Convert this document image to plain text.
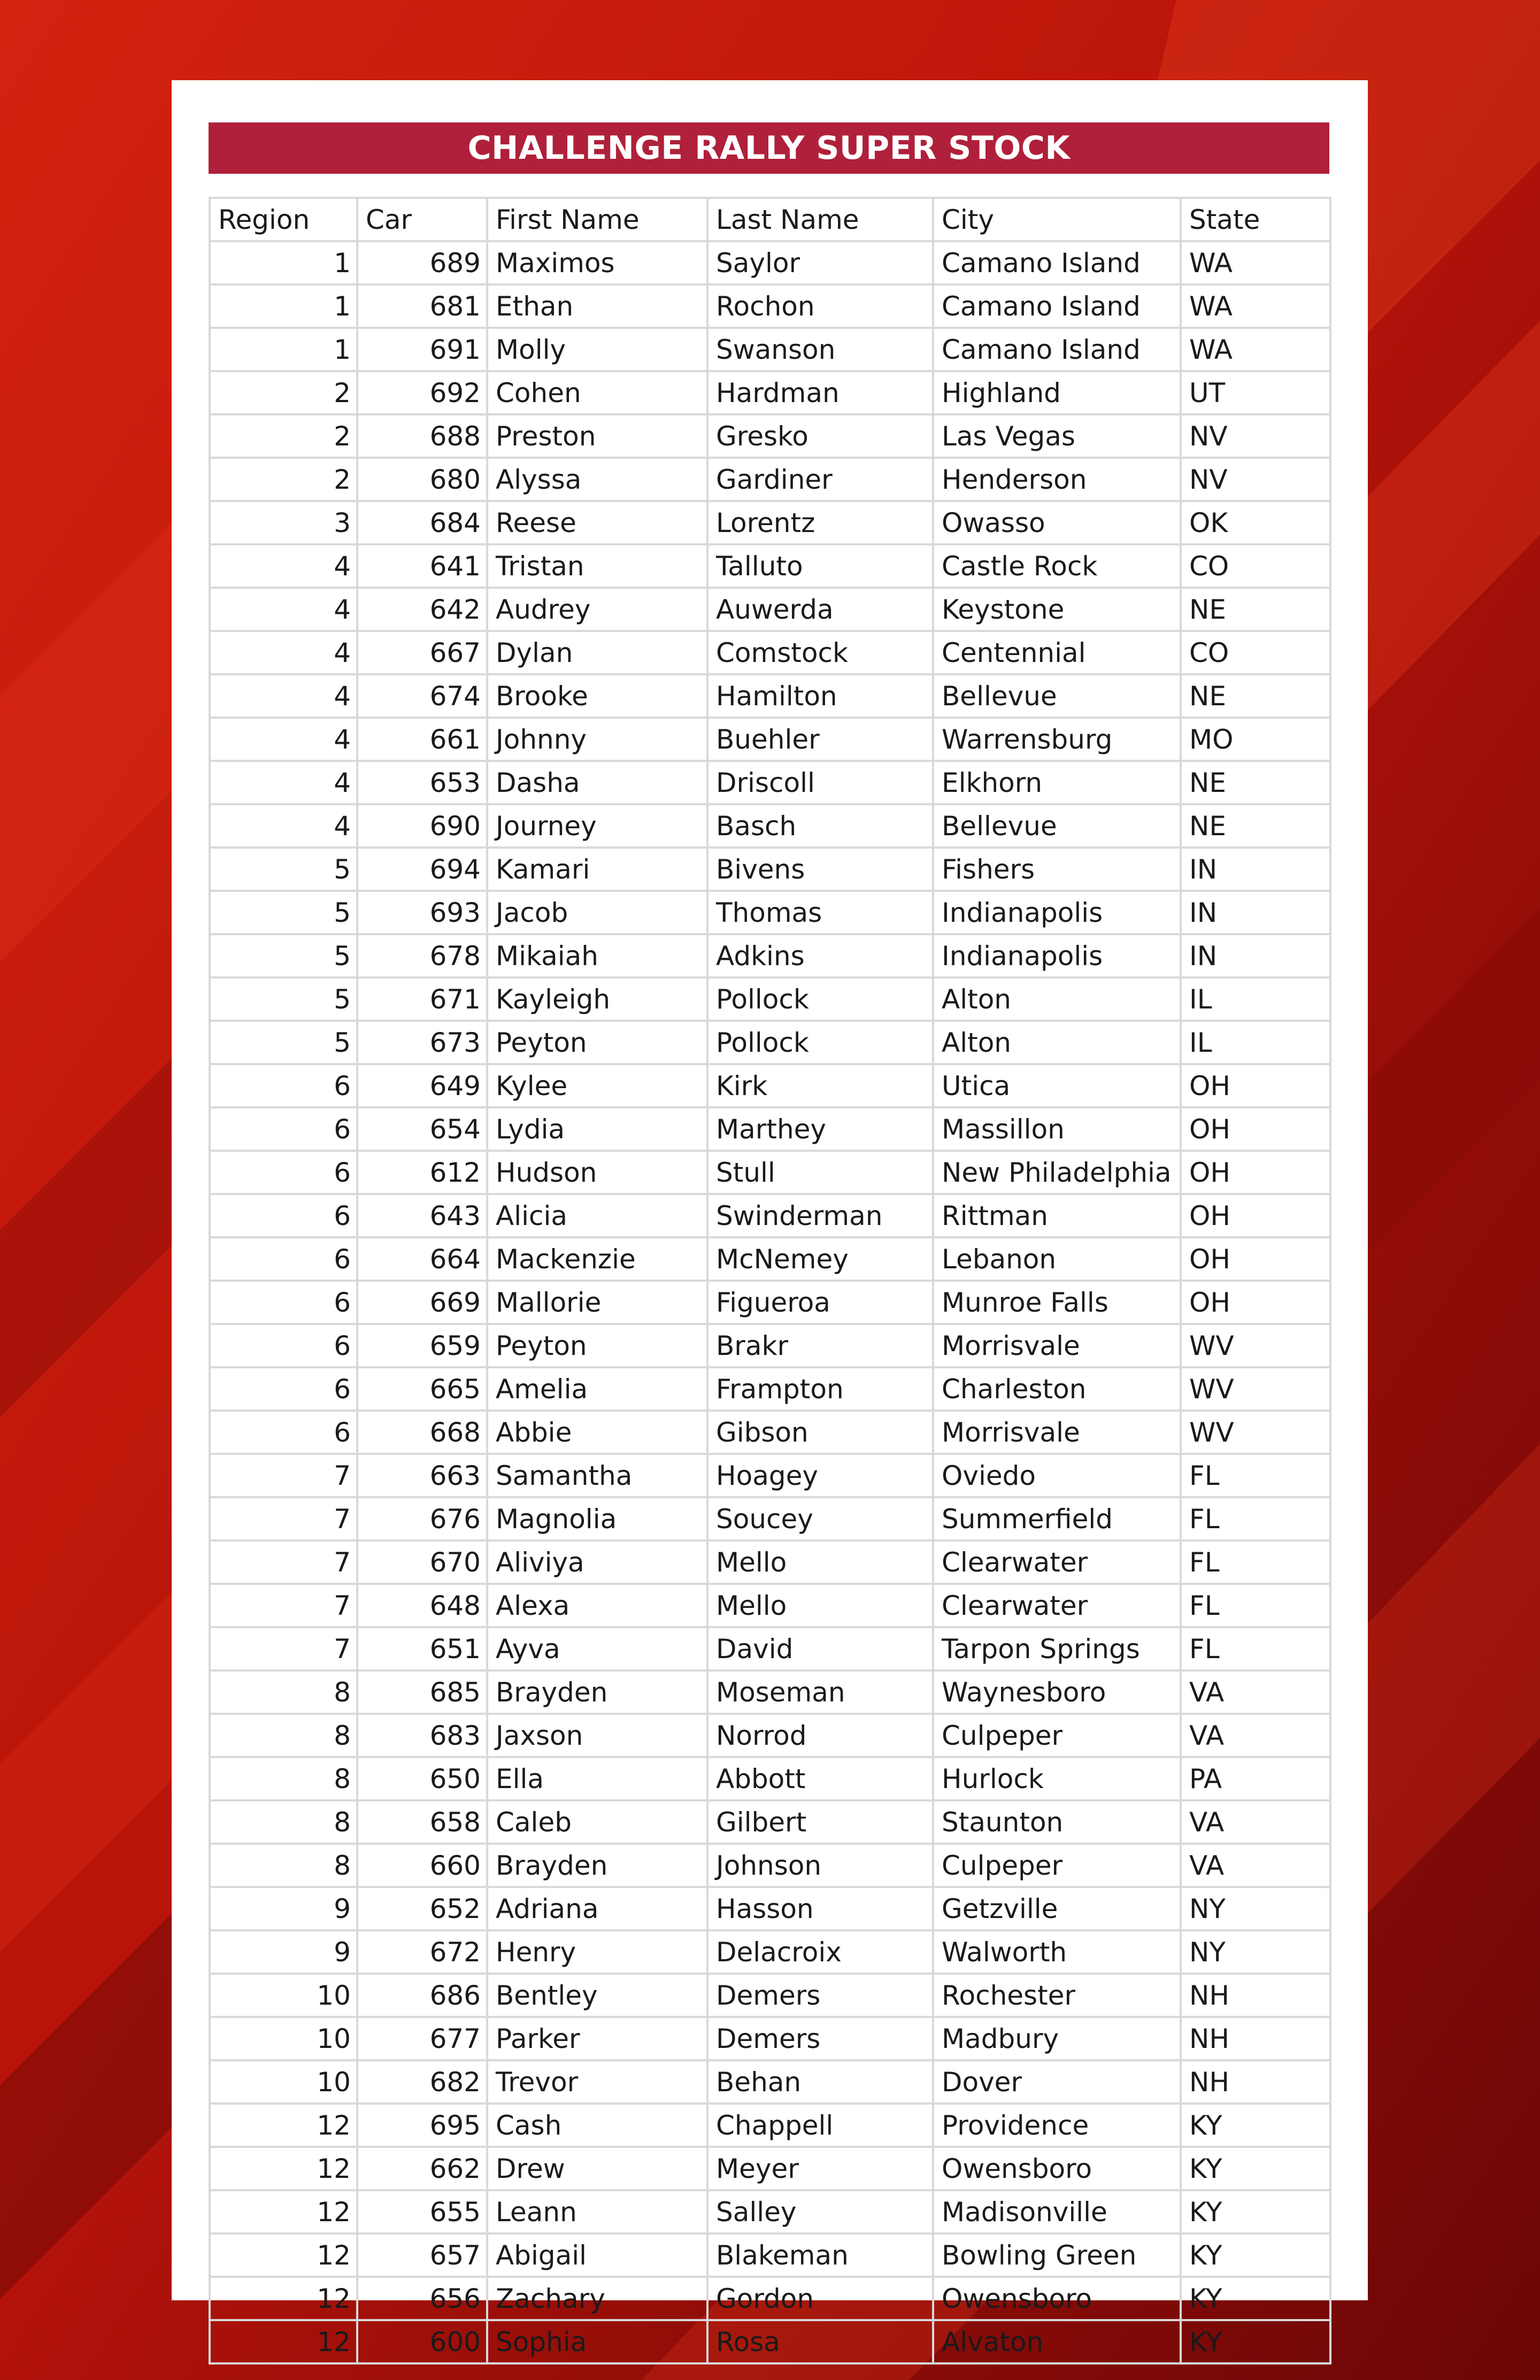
CHALLENGE RALLY SUPER STOCK
Region	Car	First Name	Last Name	City	State
1	689	Maximos	Saylor	Camano Island	WA
1	681	Ethan	Rochon	Camano Island	WA
1	691	Molly	Swanson	Camano Island	WA
2	692	Cohen	Hardman	Highland	UT
2	688	Preston	Gresko	Las Vegas	NV
2	680	Alyssa	Gardiner	Henderson	NV
3	684	Reese	Lorentz	Owasso	OK
4	641	Tristan	Talluto	Castle Rock	CO
4	642	Audrey	Auwerda	Keystone	NE
4	667	Dylan	Comstock	Centennial	CO
4	674	Brooke	Hamilton	Bellevue	NE
4	661	Johnny	Buehler	Warrensburg	MO
4	653	Dasha	Driscoll	Elkhorn	NE
4	690	Journey	Basch	Bellevue	NE
5	694	Kamari	Bivens	Fishers	IN
5	693	Jacob	Thomas	Indianapolis	IN
5	678	Mikaiah	Adkins	Indianapolis	IN
5	671	Kayleigh	Pollock	Alton	IL
5	673	Peyton	Pollock	Alton	IL
6	649	Kylee	Kirk	Utica	OH
6	654	Lydia	Marthey	Massillon	OH
6	612	Hudson	Stull	New Philadelphia	OH
6	643	Alicia	Swinderman	Rittman	OH
6	664	Mackenzie	McNemey	Lebanon	OH
6	669	Mallorie	Figueroa	Munroe Falls	OH
6	659	Peyton	Brakr	Morrisvale	WV
6	665	Amelia	Frampton	Charleston	WV
6	668	Abbie	Gibson	Morrisvale	WV
7	663	Samantha	Hoagey	Oviedo	FL
7	676	Magnolia	Soucey	Summerfield	FL
7	670	Aliviya	Mello	Clearwater	FL
7	648	Alexa	Mello	Clearwater	FL
7	651	Ayva	David	Tarpon Springs	FL
8	685	Brayden	Moseman	Waynesboro	VA
8	683	Jaxson	Norrod	Culpeper	VA
8	650	Ella	Abbott	Hurlock	PA
8	658	Caleb	Gilbert	Staunton	VA
8	660	Brayden	Johnson	Culpeper	VA
9	652	Adriana	Hasson	Getzville	NY
9	672	Henry	Delacroix	Walworth	NY
10	686	Bentley	Demers	Rochester	NH
10	677	Parker	Demers	Madbury	NH
10	682	Trevor	Behan	Dover	NH
12	695	Cash	Chappell	Providence	KY
12	662	Drew	Meyer	Owensboro	KY
12	655	Leann	Salley	Madisonville	KY
12	657	Abigail	Blakeman	Bowling Green	KY
12	656	Zachary	Gordon	Owensboro	KY
12	600	Sophia	Rosa	Alvaton	KY
